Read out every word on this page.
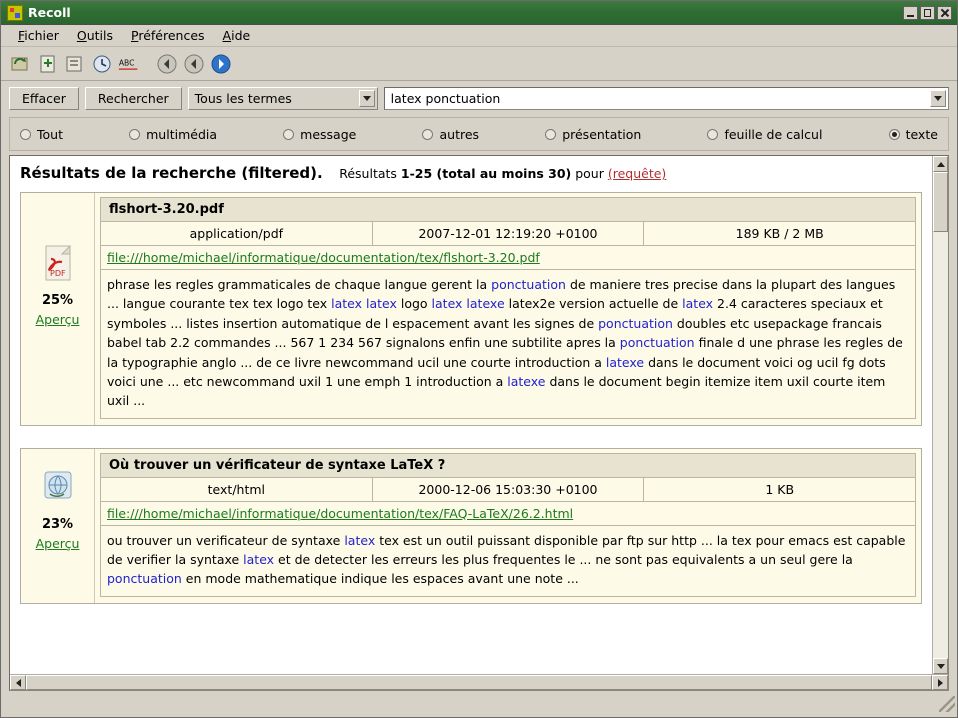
Recoll
Fichier	Outils	Préférences	Aide
ABC
Effacer	Rechercher	Tous les termes	latex ponctuation
Tout	multimédia	message	autres	présentation	feuille de calcul	texte
Résultats de la recherche (filtered). Résultats 1-25 (total au moins 30) pour (requête)
PDF
25%
Aperçu
flshort-3.20.pdf
application/pdf	2007-12-01 12:19:20 +0100	189 KB / 2 MB
file:///home/michael/informatique/documentation/tex/flshort-3.20.pdf
phrase les regles grammaticales de chaque langue gerent la ponctuation de maniere tres precise dans la plupart des langues ... langue courante tex tex logo tex latex latex logo latex latexe latex2e version actuelle de latex 2.4 caracteres speciaux et symboles ... listes insertion automatique de l espacement avant les signes de ponctuation doubles etc usepackage francais babel tab 2.2 commandes ... 567 1 234 567 signalons enfin une subtilite apres la ponctuation finale d une phrase les regles de la typographie anglo ... de ce livre newcommand ucil une courte introduction a latexe dans le document voici og ucil fg dots voici une ... etc newcommand uxil 1 une emph 1 introduction a latexe dans le document begin itemize item uxil courte item uxil ...
23%
Aperçu
Où trouver un vérificateur de syntaxe LaTeX ?
text/html	2000-12-06 15:03:30 +0100	1 KB
file:///home/michael/informatique/documentation/tex/FAQ-LaTeX/26.2.html
ou trouver un verificateur de syntaxe latex tex est un outil puissant disponible par ftp sur http ... la tex pour emacs est capable de verifier la syntaxe latex et de detecter les erreurs les plus frequentes le ... ne sont pas equivalents a un seul gere la ponctuation en mode mathematique indique les espaces avant une note ...
